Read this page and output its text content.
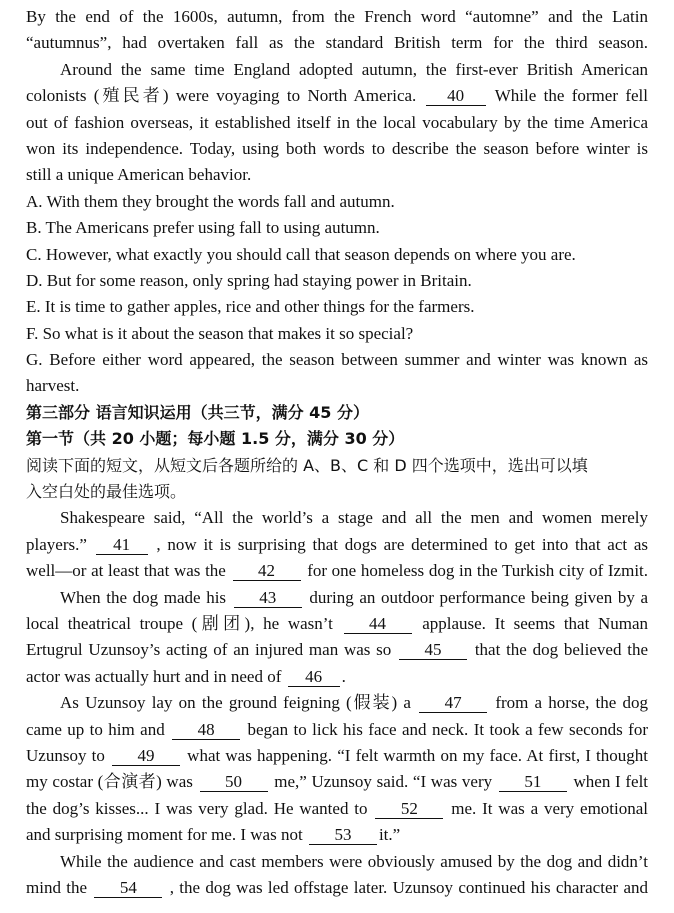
By the end of the 1600s, autumn, from the French word “automne” and the Latin
“autumnus”, had overtaken fall as the standard British term for the third season.
Around the same time England adopted autumn, the first-ever British American
colonists (殖民者) were voyaging to North America. 40 While the former fell
out of fashion overseas, it established itself in the local vocabulary by the time America
won its independence. Today, using both words to describe the season before winter is
still a unique American behavior.
A. With them they brought the words fall and autumn.
B. The Americans prefer using fall to using autumn.
C. However, what exactly you should call that season depends on where you are.
D. But for some reason, only spring had staying power in Britain.
E. It is time to gather apples, rice and other things for the farmers.
F. So what is it about the season that makes it so special?
G. Before either word appeared, the season between summer and winter was known as
harvest.
第三部分 语言知识运用（共三节，满分 45 分）
第一节（共 20 小题；每小题 1.5 分，满分 30 分）
阅读下面的短文，从短文后各题所给的 A、B、C 和 D 四个选项中，选出可以填
入空白处的最佳选项。
Shakespeare said, “All the world’s a stage and all the men and women merely
players.” 41 , now it is surprising that dogs are determined to get into that act as
well—or at least that was the 42 for one homeless dog in the Turkish city of Izmit.
When the dog made his 43 during an outdoor performance being given by a
local theatrical troupe (剧团), he wasn’t 44 applause. It seems that Numan
Ertugrul Uzunsoy’s acting of an injured man was so 45 that the dog believed the
actor was actually hurt and in need of 46 .
As Uzunsoy lay on the ground feigning (假装) a 47 from a horse, the dog
came up to him and 48 began to lick his face and neck. It took a few seconds for
Uzunsoy to 49 what was happening. “I felt warmth on my face. At first, I thought
my costar (合演者) was 50 me,” Uzunsoy said. “I was very 51 when I felt
the dog’s kisses... I was very glad. He wanted to 52 me. It was a very emotional
and surprising moment for me. I was not 53 it.”
While the audience and cast members were obviously amused by the dog and didn’t
mind the 54 , the dog was led offstage later. Uzunsoy continued his character and
